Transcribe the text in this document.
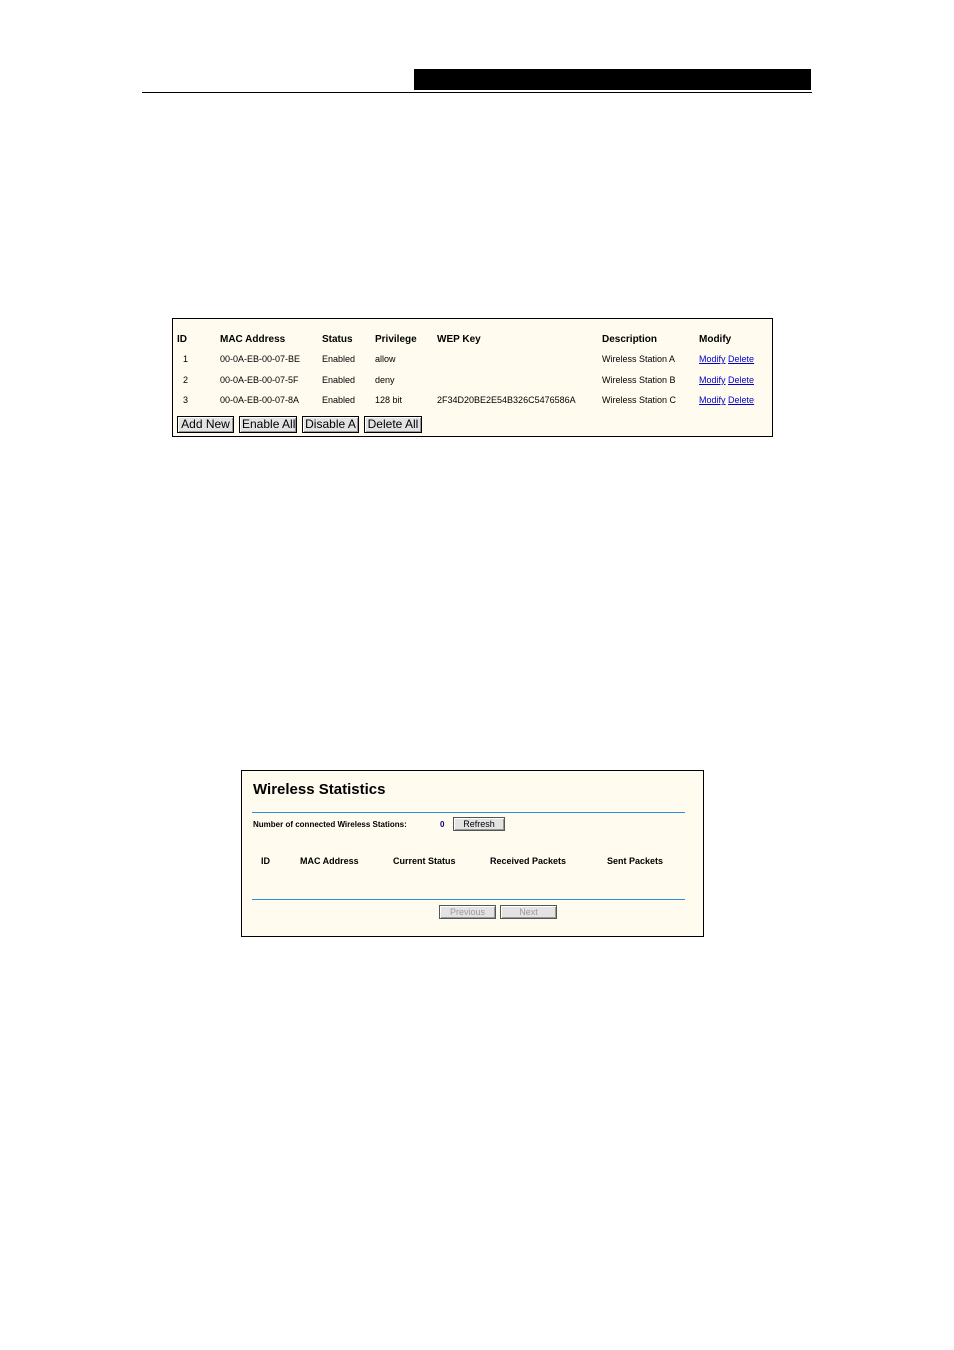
ID	MAC Address	Status	Privilege	WEP Key	Description	Modify
1	00-0A-EB-00-07-BE	Enabled	allow		Wireless Station A	Modify Delete
2	00-0A-EB-00-07-5F	Enabled	deny		Wireless Station B	Modify Delete
3	00-0A-EB-00-07-8A	Enabled	128 bit	2F34D20BE2E54B326C5476586A	Wireless Station C	Modify Delete
Add New	Enable All Disable A Delete All
Wireless Statistics
Number of connected Wireless Stations:	0	Refresh
ID	MAC Address	Current Status	Received Packets	Sent Packets
Previous	Next
